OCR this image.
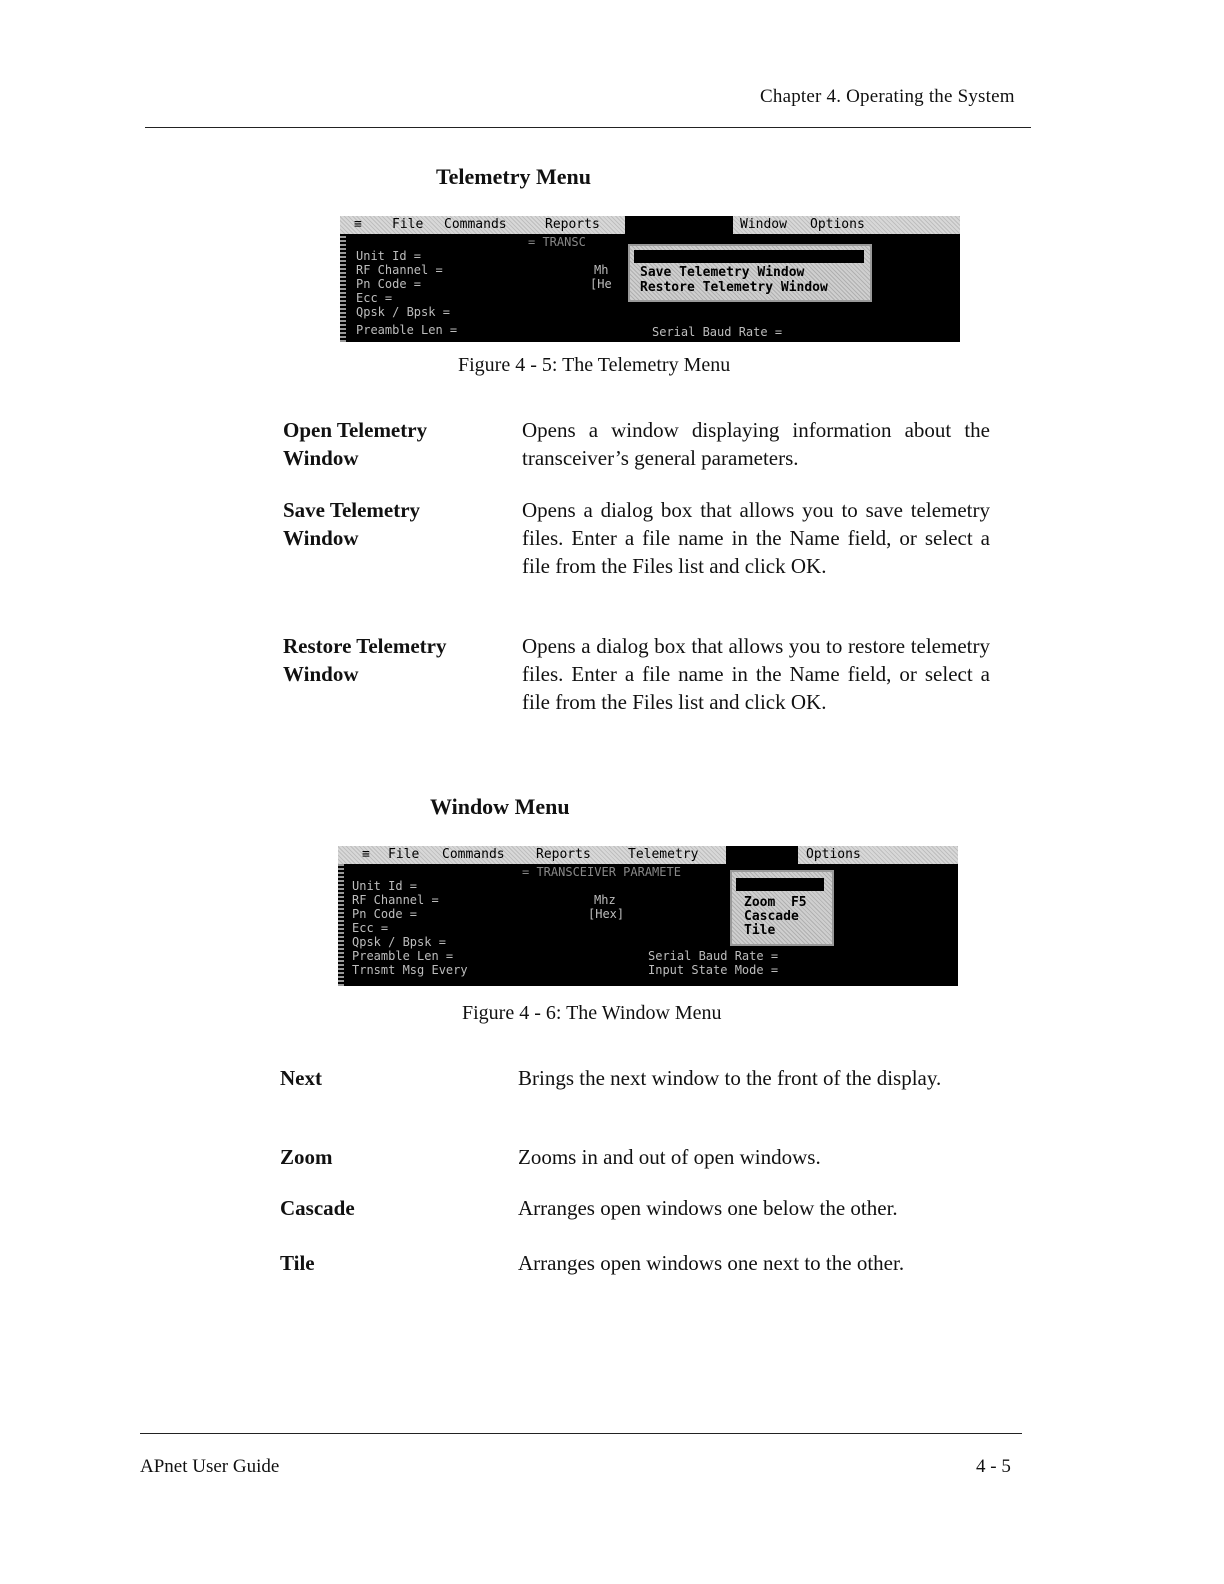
Chapter 4. Operating the System
Telemetry Menu
≡ File Commands	Reports	Window Options
= TRANSC
Unit Id =
RF Channel =
Pn Code =
Ecc =
Qpsk / Bpsk =
Preamble Len =
Mh
[He
Serial Baud Rate =
Save Telemetry Window
Restore Telemetry Window
Figure 4 - 5: The Telemetry Menu
Open Telemetry Window
Opens a window displaying information about the transceiver’s general parameters.
Save Telemetry Window
Opens a dialog box that allows you to save telemetry files. Enter a file name in the Name field, or select a file from the Files list and click OK.
Restore Telemetry Window
Opens a dialog box that allows you to restore telemetry files. Enter a file name in the Name field, or select a file from the Files list and click OK.
Window Menu
≡ File Commands Reports	Telemetry	Options
= TRANSCEIVER PARAMETE
Unit Id =
RF Channel =
Pn Code =
Ecc =
Qpsk / Bpsk =
Preamble Len =
Trnsmt Msg Every
Mhz
[Hex]
Serial Baud Rate =
Input State Mode =
Zoom  F5
Cascade
Tile
Figure 4 - 6: The Window Menu
Next	Brings the next window to the front of the display.
Zoom	Zooms in and out of open windows.
Cascade	Arranges open windows one below the other.
Tile	Arranges open windows one next to the other.
APnet User Guide	4 - 5
